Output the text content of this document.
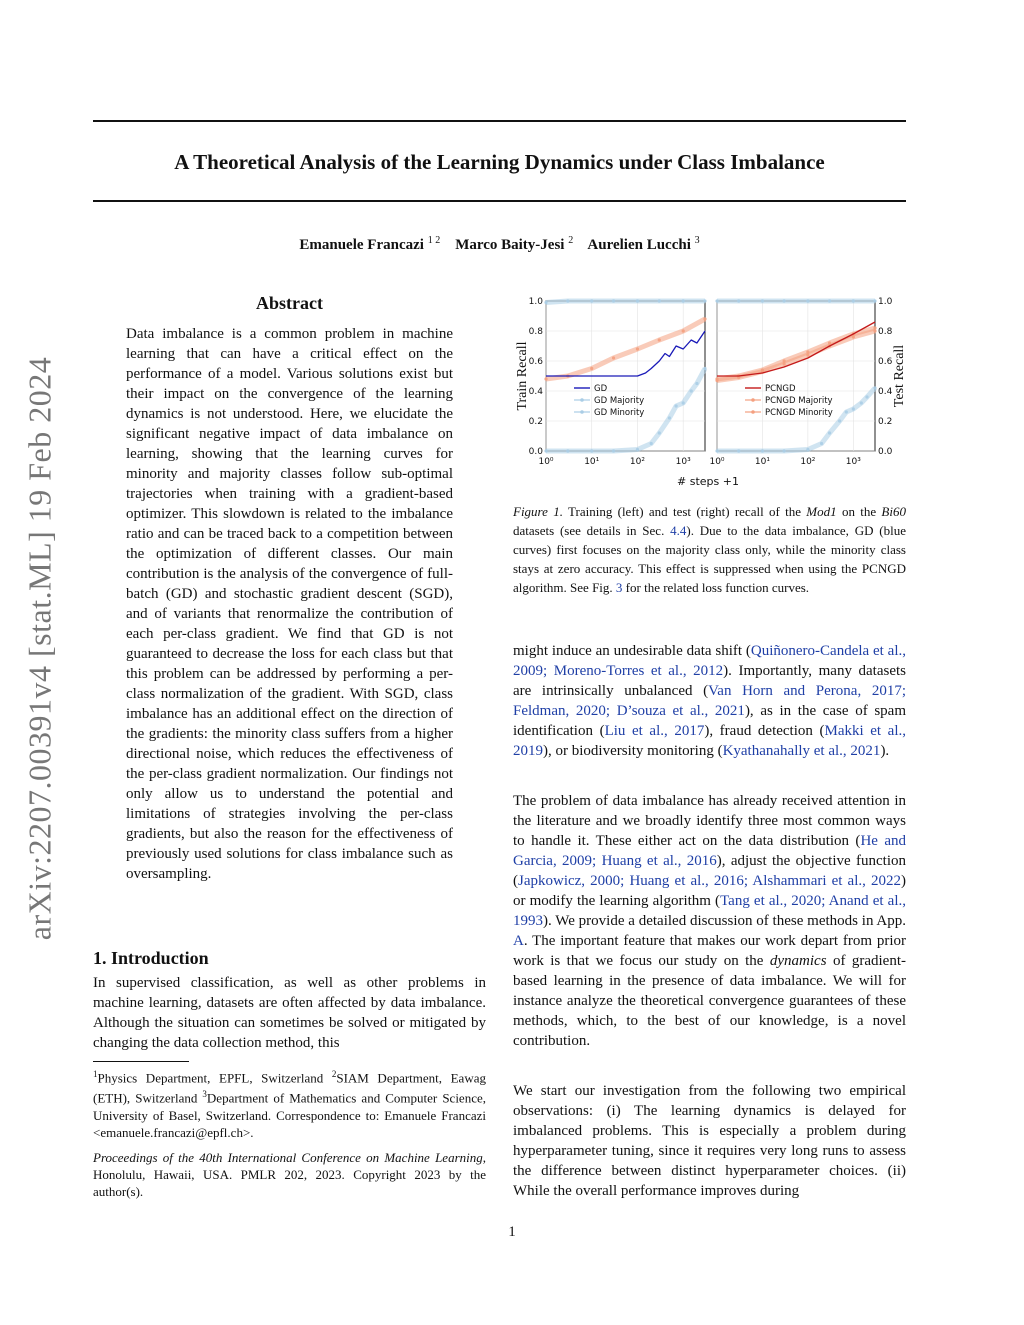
A Theoretical Analysis of the Learning Dynamics under Class Imbalance
Emanuele Francazi $^{1 2}$ Marco Baity-Jesi $^2$ Aurelien Lucchi $^3$
arXiv:2207.00391v4 [stat.ML] 19 Feb 2024
Abstract
Data imbalance is a common problem in machine learning that can have a critical effect on the performance of a model. Various solutions exist but their impact on the convergence of the learning dynamics is not understood. Here, we elucidate the significant negative impact of data imbalance on learning, showing that the learning curves for minority and majority classes follow sub-optimal trajectories when training with a gradient-based optimizer. This slowdown is related to the imbalance ratio and can be traced back to a competition between the optimization of different classes. Our main contribution is the analysis of the convergence of full-batch (GD) and stochastic gradient descent (SGD), and of variants that renormalize the contribution of each per-class gradient. We find that GD is not guaranteed to decrease the loss for each class but that this problem can be addressed by performing a per-class normalization of the gradient. With SGD, class imbalance has an additional effect on the direction of the gradients: the minority class suffers from a higher directional noise, which reduces the effectiveness of the per-class gradient normalization. Our findings not only allow us to understand the potential and limitations of strategies involving the per-class gradients, but also the reason for the effectiveness of previously used solutions for class imbalance such as oversampling.
1. Introduction
In supervised classification, as well as other problems in machine learning, datasets are often affected by data imbalance. Although the situation can sometimes be solved or mitigated by changing the data collection method, this
$^1$Physics Department, EPFL, Switzerland $^2$SIAM Department, Eawag (ETH), Switzerland $^3$Department of Mathematics and Computer Science, University of Basel, Switzerland. Correspondence to: Emanuele Francazi <emanuele.francazi@epfl.ch>.
Proceedings of the 40th International Conference on Machine Learning, Honolulu, Hawaii, USA. PMLR 202, 2023. Copyright 2023 by the author(s).
0.0
0.2
0.4
0.6
0.8
1.0
10⁰	10¹	10²	10³
GD
GD Majority
GD Minority
0.0
0.2
0.4
0.6
0.8
1.0
10⁰	10¹	10²	10³
PCNGD
PCNGD Majority
PCNGD Minority
Train Recall	Test Recall
# steps +1
Figure 1. Training (left) and test (right) recall of the Mod1 on the Bi60 datasets (see details in Sec. 4.4). Due to the data imbalance, GD (blue curves) first focuses on the majority class only, while the minority class stays at zero accuracy. This effect is suppressed when using the PCNGD algorithm. See Fig. 3 for the related loss function curves.
might induce an undesirable data shift (Quiñonero-Candela et al., 2009; Moreno-Torres et al., 2012). Importantly, many datasets are intrinsically unbalanced (Van Horn and Perona, 2017; Feldman, 2020; D’souza et al., 2021), as in the case of spam identification (Liu et al., 2017), fraud detection (Makki et al., 2019), or biodiversity monitoring (Kyathanahally et al., 2021).
The problem of data imbalance has already received attention in the literature and we broadly identify three most common ways to handle it. These either act on the data distribution (He and Garcia, 2009; Huang et al., 2016), adjust the objective function (Japkowicz, 2000; Huang et al., 2016; Alshammari et al., 2022) or modify the learning algorithm (Tang et al., 2020; Anand et al., 1993). We provide a detailed discussion of these methods in App. A. The important feature that makes our work depart from prior work is that we focus our study on the dynamics of gradient-based learning in the presence of data imbalance. We will for instance analyze the theoretical convergence guarantees of these methods, which, to the best of our knowledge, is a novel contribution.
We start our investigation from the following two empirical observations: (i) The learning dynamics is delayed for imbalanced problems. This is especially a problem during hyperparameter tuning, since it requires very long runs to assess the difference between distinct hyperparameter choices. (ii) While the overall performance improves during
1
